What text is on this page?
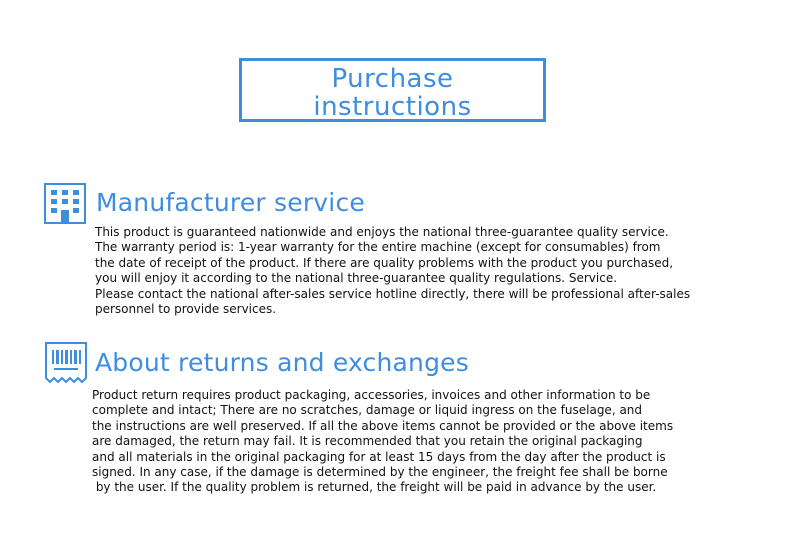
Purchase
instructions
Manufacturer service
This product is guaranteed nationwide and enjoys the national three-guarantee quality service.
The warranty period is: 1-year warranty for the entire machine (except for consumables) from
the date of receipt of the product. If there are quality problems with the product you purchased,
you will enjoy it according to the national three-guarantee quality regulations. Service.
Please contact the national after-sales service hotline directly, there will be professional after-sales
personnel to provide services.
About returns and exchanges
Product return requires product packaging, accessories, invoices and other information to be
complete and intact; There are no scratches, damage or liquid ingress on the fuselage, and
the instructions are well preserved. If all the above items cannot be provided or the above items
are damaged, the return may fail. It is recommended that you retain the original packaging
and all materials in the original packaging for at least 15 days from the day after the product is
signed. In any case, if the damage is determined by the engineer, the freight fee shall be borne
by the user. If the quality problem is returned, the freight will be paid in advance by the user.
